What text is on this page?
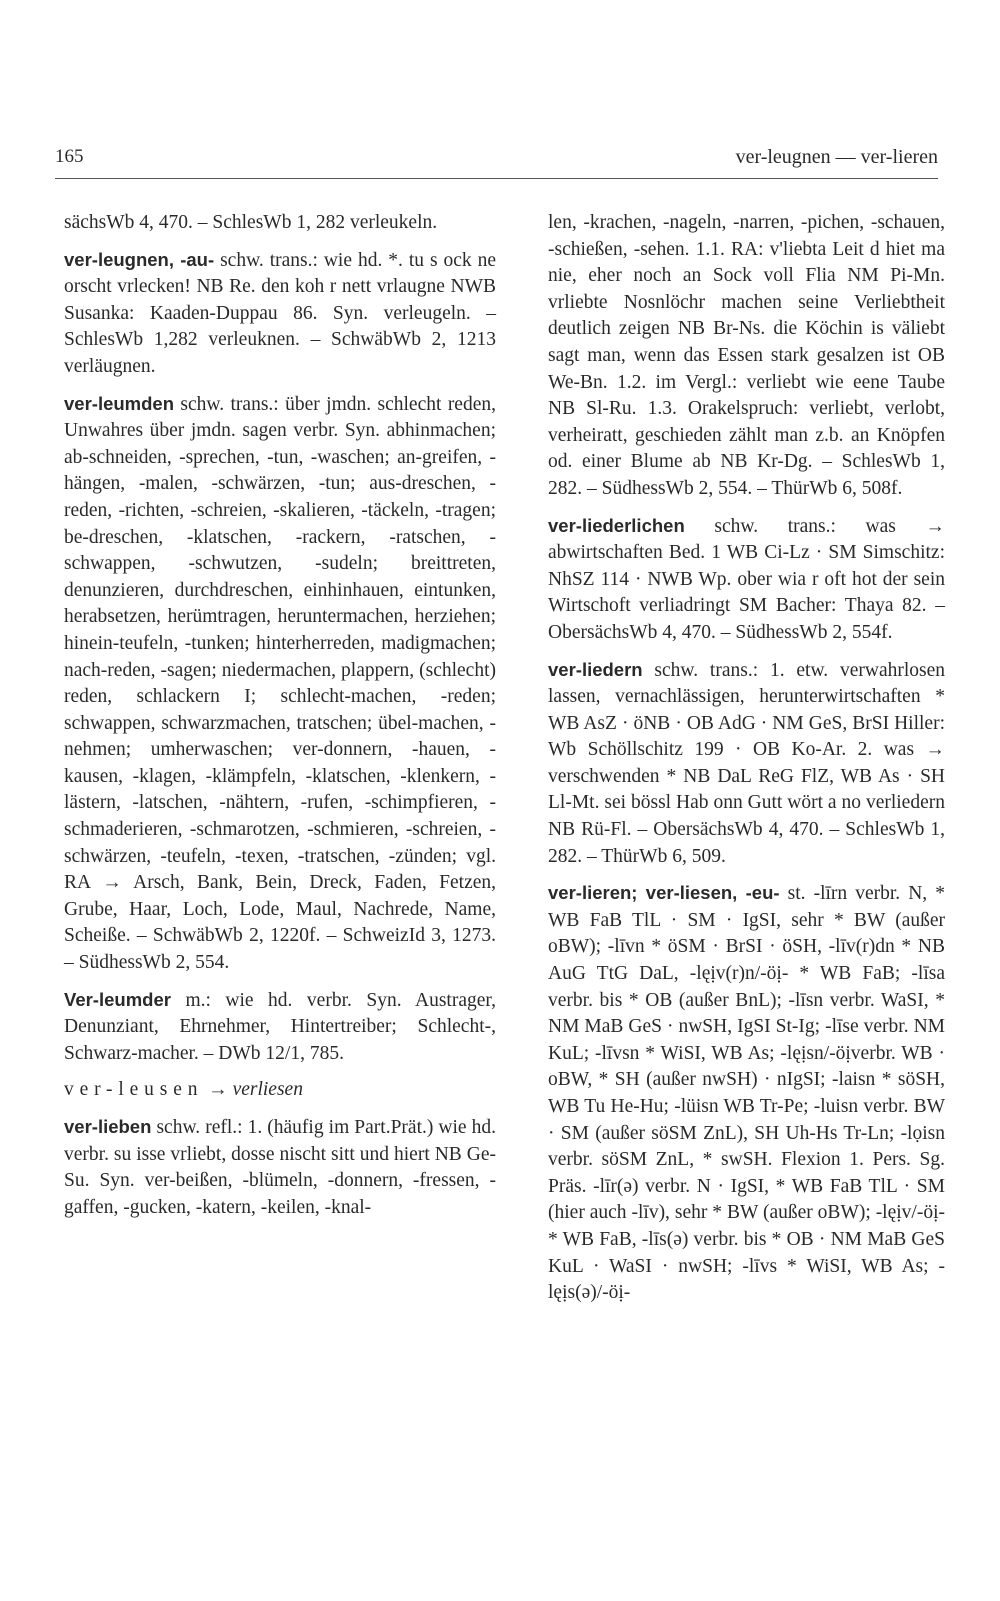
165	ver-leugnen — ver-lieren

sächsWb 4, 470. – SchlesWb 1, 282 verleukeln.

ver-leugnen, -au- schw. trans.: wie hd. *. tu s ock ne orscht vrlecken! NB Re. den koh r nett vrlaugne NWB Susanka: Kaaden-Duppau 86. Syn. verleugeln. – SchlesWb 1,282 verleuknen. – SchwäbWb 2, 1213 verläugnen.

ver-leumden schw. trans.: über jmdn. schlecht reden, Unwahres über jmdn. sagen verbr. Syn. abhinmachen; ab-schneiden, -sprechen, -tun, -waschen; an-greifen, -hängen, -malen, -schwärzen, -tun; aus-dreschen, -reden, -richten, -schreien, -skalieren, -täckeln, -tragen; be-dreschen, -klatschen, -rackern, -ratschen, -schwappen, -schwutzen, -sudeln; breittreten, denunzieren, durchdreschen, einhinhauen, eintunken, herabsetzen, herümtragen, heruntermachen, herziehen; hinein-teufeln, -tunken; hinterherreden, madigmachen; nach-reden, -sagen; niedermachen, plappern, (schlecht) reden, schlackern I; schlecht-machen, -reden; schwappen, schwarzmachen, tratschen; übel-machen, -nehmen; umherwaschen; ver-donnern, -hauen, -kausen, -klagen, -klämpfeln, -klatschen, -klenkern, -lästern, -latschen, -nähtern, -rufen, -schimpfieren, -schmaderieren, -schmarotzen, -schmieren, -schreien, -schwärzen, -teufeln, -texen, -tratschen, -zünden; vgl. RA → Arsch, Bank, Bein, Dreck, Faden, Fetzen, Grube, Haar, Loch, Lode, Maul, Nachrede, Name, Scheiße. – SchwäbWb 2, 1220f. – SchweizId 3, 1273. – SüdhessWb 2, 554.

Ver-leumder m.: wie hd. verbr. Syn. Austrager, Denunziant, Ehrnehmer, Hintertreiber; Schlecht-, Schwarz-macher. – DWb 12/1, 785.

ver-leusen → verliesen

ver-lieben schw. refl.: 1. (häufig im Part.Prät.) wie hd. verbr. su isse vrliebt, dosse nischt sitt und hiert NB Ge-Su. Syn. ver-beißen, -blümeln, -donnern, -fressen, -gaffen, -gucken, -katern, -keilen, -knal-

len, -krachen, -nageln, -narren, -pichen, -schauen, -schießen, -sehen. 1.1. RA: v'liebta Leit d hiet ma nie, eher noch an Sock voll Flia NM Pi-Mn. vrliebte Nosnlöchr machen seine Verliebtheit deutlich zeigen NB Br-Ns. die Köchin is väliebt sagt man, wenn das Essen stark gesalzen ist OB We-Bn. 1.2. im Vergl.: verliebt wie eene Taube NB Sl-Ru. 1.3. Orakelspruch: verliebt, verlobt, verheiratt, geschieden zählt man z.b. an Knöpfen od. einer Blume ab NB Kr-Dg. – SchlesWb 1, 282. – SüdhessWb 2, 554. – ThürWb 6, 508f.

ver-liederlichen schw. trans.: was → abwirtschaften Bed. 1 WB Ci-Lz · SM Simschitz: NhSZ 114 · NWB Wp. ober wia r oft hot der sein Wirtschoft verliadringt SM Bacher: Thaya 82. – ObersächsWb 4, 470. – SüdhessWb 2, 554f.

ver-liedern schw. trans.: 1. etw. verwahrlosen lassen, vernachlässigen, herunterwirtschaften * WB AsZ · öNB · OB AdG · NM GeS, BrSI Hiller: Wb Schöllschitz 199 · OB Ko-Ar. 2. was → verschwenden * NB DaL ReG FlZ, WB As · SH Ll-Mt. sei bössl Hab onn Gutt wört a no verliedern NB Rü-Fl. – ObersächsWb 4, 470. – SchlesWb 1, 282. – ThürWb 6, 509.

ver-lieren; ver-liesen, -eu- st. -līrn verbr. N, * WB FaB TlL · SM · IgSI, sehr * BW (außer oBW); -līvn * öSM · BrSI · öSH, -līv(r)dn * NB AuG TtG DaL, -lęịv(r)n/-öị- * WB FaB; -līsa verbr. bis * OB (außer BnL); -līsn verbr. WaSI, * NM MaB GeS · nwSH, IgSI St-Ig; -līse verbr. NM KuL; -līvsn * WiSI, WB As; -lęịsn/-öịverbr. WB · oBW, * SH (außer nwSH) · nIgSI; -laisn * söSH, WB Tu He-Hu; -lüisn WB Tr-Pe; -luisn verbr. BW · SM (außer söSM ZnL), SH Uh-Hs Tr-Ln; -lọisn verbr. söSM ZnL, * swSH. Flexion 1. Pers. Sg. Präs. -līr(ə) verbr. N · IgSI, * WB FaB TlL · SM (hier auch -līv), sehr * BW (außer oBW); -lęịv/-öị- * WB FaB, -līs(ə) verbr. bis * OB · NM MaB GeS KuL · WaSI · nwSH; -līvs * WiSI, WB As; -lęịs(ə)/-öị-
